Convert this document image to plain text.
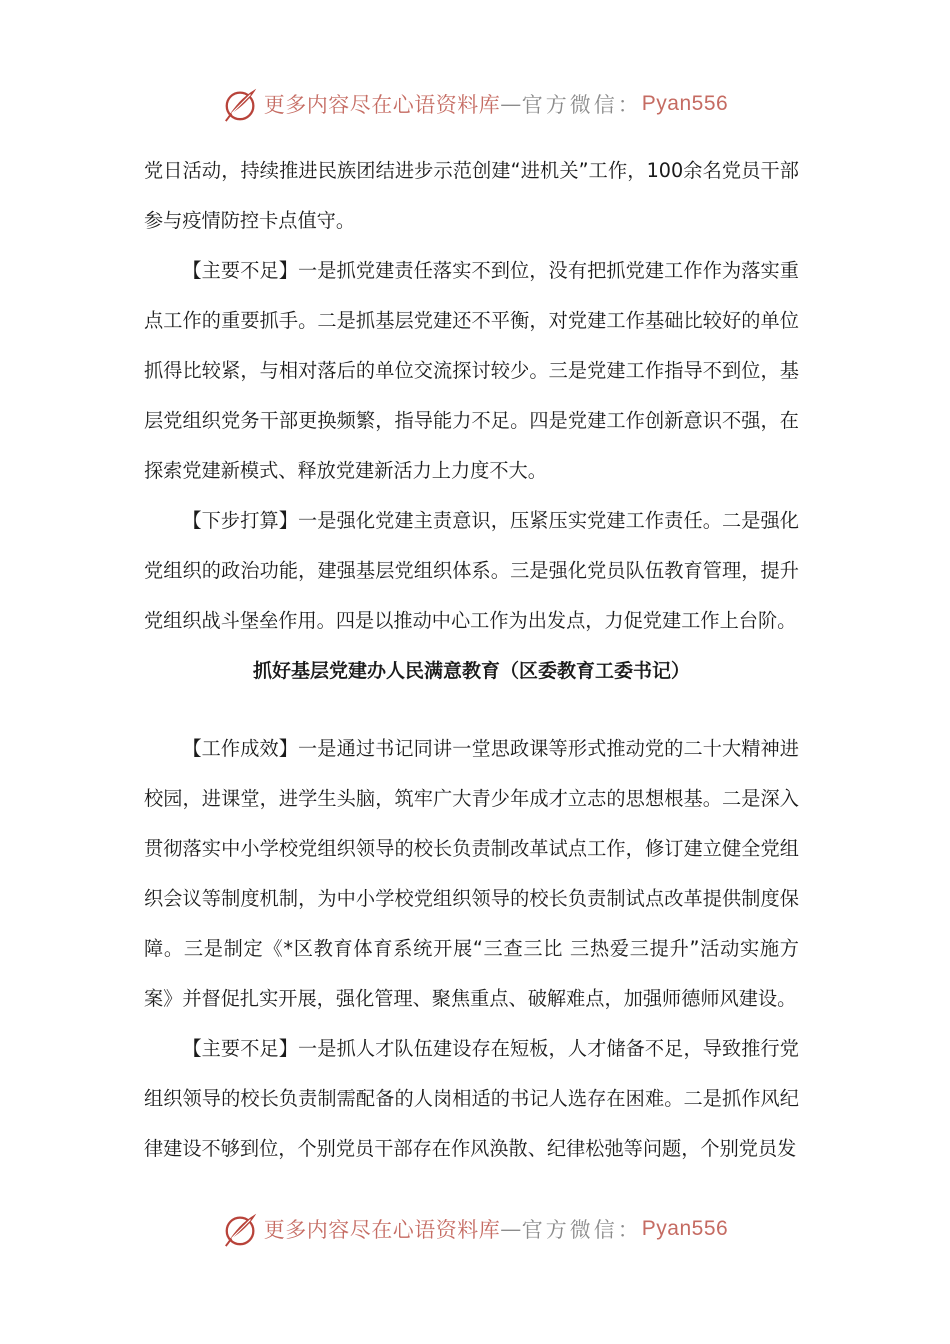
更多内容尽在心语资料库 — 官方微信： Pyan556

党日活动，持续推进民族团结进步示范创建“进机关”工作，100余名党员干部参与疫情防控卡点值守。

【主要不足】一是抓党建责任落实不到位，没有把抓党建工作作为落实重点工作的重要抓手。二是抓基层党建还不平衡，对党建工作基础比较好的单位抓得比较紧，与相对落后的单位交流探讨较少。三是党建工作指导不到位，基层党组织党务干部更换频繁，指导能力不足。四是党建工作创新意识不强，在探索党建新模式、释放党建新活力上力度不大。

【下步打算】一是强化党建主责意识，压紧压实党建工作责任。二是强化党组织的政治功能，建强基层党组织体系。三是强化党员队伍教育管理，提升党组织战斗堡垒作用。四是以推动中心工作为出发点，力促党建工作上台阶。

抓好基层党建办人民满意教育（区委教育工委书记）

【工作成效】一是通过书记同讲一堂思政课等形式推动党的二十大精神进校园，进课堂，进学生头脑，筑牢广大青少年成才立志的思想根基。二是深入贯彻落实中小学校党组织领导的校长负责制改革试点工作，修订建立健全党组织会议等制度机制，为中小学校党组织领导的校长负责制试点改革提供制度保障。三是制定《*区教育体育系统开展“三查三比 三热爱三提升”活动实施方案》并督促扎实开展，强化管理、聚焦重点、破解难点，加强师德师风建设。

【主要不足】一是抓人才队伍建设存在短板，人才储备不足，导致推行党组织领导的校长负责制需配备的人岗相适的书记人选存在困难。二是抓作风纪律建设不够到位，个别党员干部存在作风涣散、纪律松弛等问题，个别党员发

更多内容尽在心语资料库 — 官方微信： Pyan556
